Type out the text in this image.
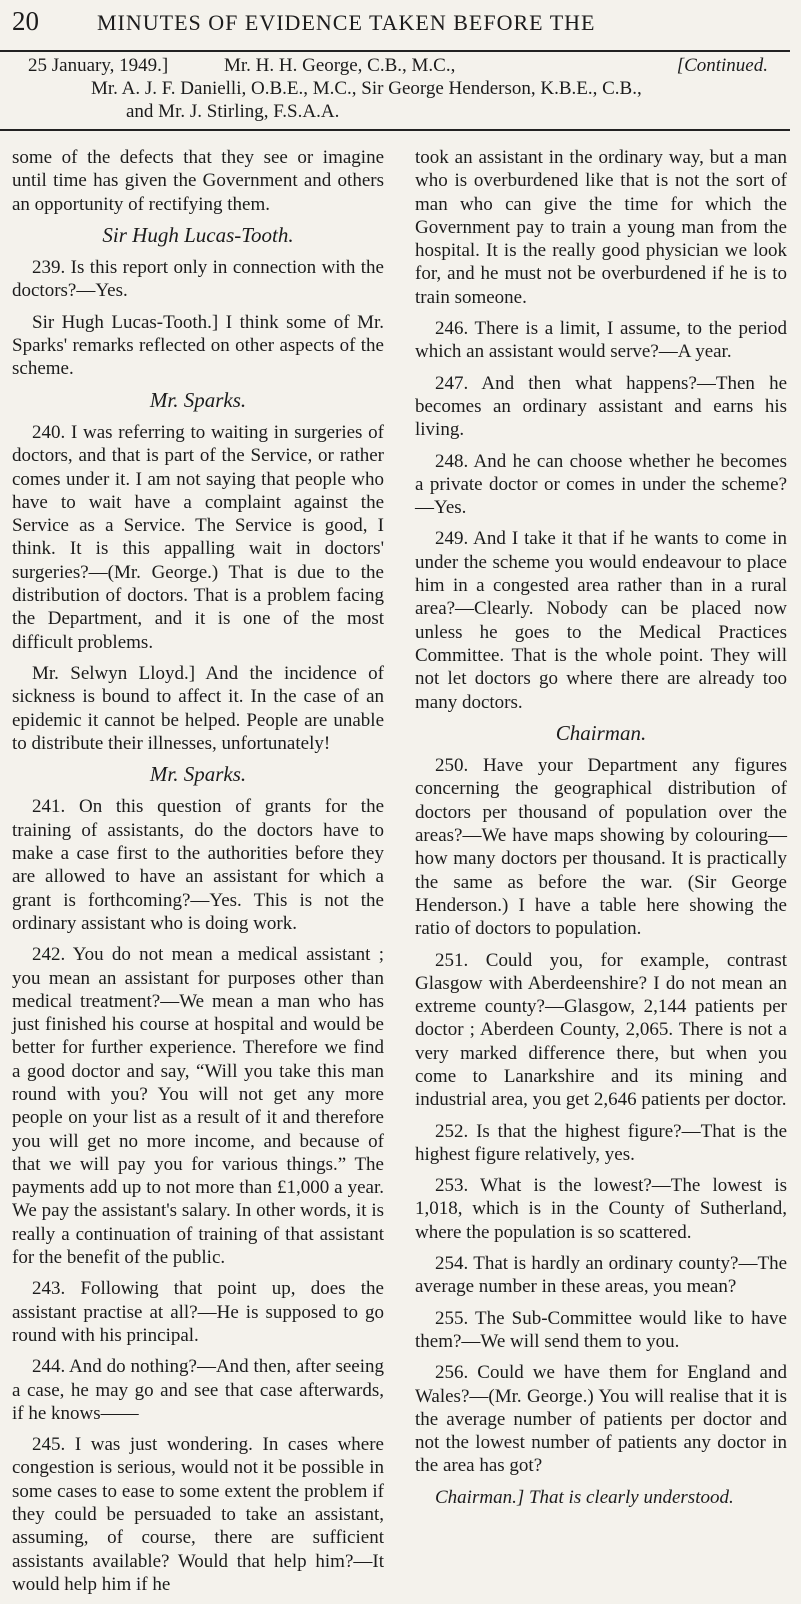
20	MINUTES OF EVIDENCE TAKEN BEFORE THE
25 January, 1949.]	Mr. H. H. George, C.B., M.C.,	[Continued.
Mr. A. J. F. Danielli, O.B.E., M.C., Sir George Henderson, K.B.E., C.B.,
and Mr. J. Stirling, F.S.A.A.

some of the defects that they see or imagine until time has given the Government and others an opportunity of rectifying them.

Sir Hugh Lucas-Tooth.

239. Is this report only in connection with the doctors?—Yes.

Sir Hugh Lucas-Tooth.] I think some of Mr. Sparks' remarks reflected on other aspects of the scheme.

Mr. Sparks.

240. I was referring to waiting in surgeries of doctors, and that is part of the Service, or rather comes under it. I am not saying that people who have to wait have a complaint against the Service as a Service. The Service is good, I think. It is this appalling wait in doctors' surgeries?—(Mr. George.) That is due to the distribution of doctors. That is a problem facing the Department, and it is one of the most difficult problems.

Mr. Selwyn Lloyd.] And the incidence of sickness is bound to affect it. In the case of an epidemic it cannot be helped. People are unable to distribute their illnesses, unfortunately!

Mr. Sparks.

241. On this question of grants for the training of assistants, do the doctors have to make a case first to the authorities before they are allowed to have an assistant for which a grant is forthcoming?—Yes. This is not the ordinary assistant who is doing work.

242. You do not mean a medical assistant ; you mean an assistant for purposes other than medical treatment?—We mean a man who has just finished his course at hospital and would be better for further experience. Therefore we find a good doctor and say, “Will you take this man round with you? You will not get any more people on your list as a result of it and therefore you will get no more income, and because of that we will pay you for various things.” The payments add up to not more than £1,000 a year. We pay the assistant's salary. In other words, it is really a continuation of training of that assistant for the benefit of the public.

243. Following that point up, does the assistant practise at all?—He is supposed to go round with his principal.

244. And do nothing?—And then, after seeing a case, he may go and see that case afterwards, if he knows——

245. I was just wondering. In cases where congestion is serious, would not it be possible in some cases to ease to some extent the problem if they could be persuaded to take an assistant, assuming, of course, there are sufficient assistants available? Would that help him?—It would help him if he

took an assistant in the ordinary way, but a man who is overburdened like that is not the sort of man who can give the time for which the Government pay to train a young man from the hospital. It is the really good physician we look for, and he must not be overburdened if he is to train someone.

246. There is a limit, I assume, to the period which an assistant would serve?—A year.

247. And then what happens?—Then he becomes an ordinary assistant and earns his living.

248. And he can choose whether he becomes a private doctor or comes in under the scheme?—Yes.

249. And I take it that if he wants to come in under the scheme you would endeavour to place him in a congested area rather than in a rural area?—Clearly. Nobody can be placed now unless he goes to the Medical Practices Committee. That is the whole point. They will not let doctors go where there are already too many doctors.

Chairman.

250. Have your Department any figures concerning the geographical distribution of doctors per thousand of population over the areas?—We have maps showing by colouring—how many doctors per thousand. It is practically the same as before the war. (Sir George Henderson.) I have a table here showing the ratio of doctors to population.

251. Could you, for example, contrast Glasgow with Aberdeenshire? I do not mean an extreme county?—Glasgow, 2,144 patients per doctor ; Aberdeen County, 2,065. There is not a very marked difference there, but when you come to Lanarkshire and its mining and industrial area, you get 2,646 patients per doctor.

252. Is that the highest figure?—That is the highest figure relatively, yes.

253. What is the lowest?—The lowest is 1,018, which is in the County of Sutherland, where the population is so scattered.

254. That is hardly an ordinary county?—The average number in these areas, you mean?

255. The Sub-Committee would like to have them?—We will send them to you.

256. Could we have them for England and Wales?—(Mr. George.) You will realise that it is the average number of patients per doctor and not the lowest number of patients any doctor in the area has got?

Chairman.] That is clearly understood.
